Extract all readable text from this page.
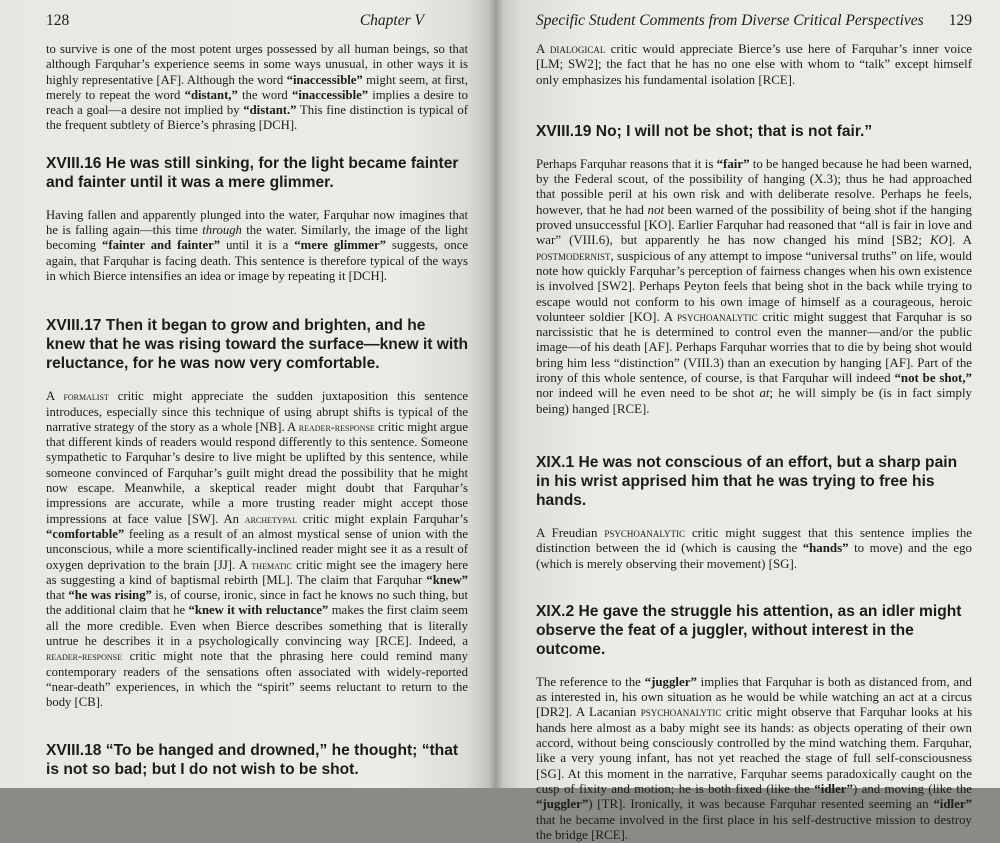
128	Chapter V

to survive is one of the most potent urges possessed by all human beings, so that although Farquhar’s experience seems in some ways unusual, in other ways it is highly representative [AF]. Although the word “inaccessible” might seem, at first, merely to repeat the word “distant,” the word “inaccessible” implies a desire to reach a goal—a desire not implied by “distant.” This fine distinction is typical of the frequent subtlety of Bierce’s phrasing [DCH].

XVIII.16 He was still sinking, for the light became fainter and fainter until it was a mere glimmer.

Having fallen and apparently plunged into the water, Farquhar now imagines that he is falling again—this time through the water. Similarly, the image of the light becoming “fainter and fainter” until it is a “mere glimmer” suggests, once again, that Farquhar is facing death. This sentence is therefore typical of the ways in which Bierce intensifies an idea or image by repeating it [DCH].

XVIII.17 Then it began to grow and brighten, and he knew that he was rising toward the surface—knew it with reluctance, for he was now very comfortable.

A formalist critic might appreciate the sudden juxtaposition this sentence introduces, especially since this technique of using abrupt shifts is typical of the narrative strategy of the story as a whole [NB]. A reader-response critic might argue that different kinds of readers would respond differently to this sentence. Someone sympathetic to Farquhar’s desire to live might be uplifted by this sentence, while someone convinced of Farquhar’s guilt might dread the possibility that he might now escape. Meanwhile, a skeptical reader might doubt that Farquhar’s impressions are accurate, while a more trusting reader might accept those impressions at face value [SW]. An archetypal critic might explain Farquhar’s “comfortable” feeling as a result of an almost mystical sense of union with the unconscious, while a more scientifically-inclined reader might see it as a result of oxygen deprivation to the brain [JJ]. A thematic critic might see the imagery here as suggesting a kind of baptismal rebirth [ML]. The claim that Farquhar “knew” that “he was rising” is, of course, ironic, since in fact he knows no such thing, but the additional claim that he “knew it with reluctance” makes the first claim seem all the more credible. Even when Bierce describes something that is literally untrue he describes it in a psychologically convincing way [RCE]. Indeed, a reader-response critic might note that the phrasing here could remind many contemporary readers of the sensations often associated with widely-reported “near-death” experiences, in which the “spirit” seems reluctant to return to the body [CB].

XVIII.18 “To be hanged and drowned,” he thought; “that is not so bad; but I do not wish to be shot.
Specific Student Comments from Diverse Critical Perspectives 129

A dialogical critic would appreciate Bierce’s use here of Farquhar’s inner voice [LM; SW2]; the fact that he has no one else with whom to “talk” except himself only emphasizes his fundamental isolation [RCE].

XVIII.19 No; I will not be shot; that is not fair.”

Perhaps Farquhar reasons that it is “fair” to be hanged because he had been warned, by the Federal scout, of the possibility of hanging (X.3); thus he had approached that possible peril at his own risk and with deliberate resolve. Perhaps he feels, however, that he had not been warned of the possibility of being shot if the hanging proved unsuccessful [KO]. Earlier Farquhar had reasoned that “all is fair in love and war” (VIII.6), but apparently he has now changed his mind [SB2; KO]. A postmodernist, suspicious of any attempt to impose “universal truths” on life, would note how quickly Farquhar’s perception of fairness changes when his own existence is involved [SW2]. Perhaps Peyton feels that being shot in the back while trying to escape would not conform to his own image of himself as a courageous, heroic volunteer soldier [KO]. A psychoanalytic critic might suggest that Farquhar is so narcissistic that he is determined to control even the manner—and/or the public image—of his death [AF]. Perhaps Farquhar worries that to die by being shot would bring him less “distinction” (VIII.3) than an execution by hanging [AF]. Part of the irony of this whole sentence, of course, is that Farquhar will indeed “not be shot,” nor indeed will he even need to be shot at; he will simply be (is in fact simply being) hanged [RCE].

XIX.1 He was not conscious of an effort, but a sharp pain in his wrist apprised him that he was trying to free his hands.

A Freudian psychoanalytic critic might suggest that this sentence implies the distinction between the id (which is causing the “hands” to move) and the ego (which is merely observing their movement) [SG].

XIX.2 He gave the struggle his attention, as an idler might observe the feat of a juggler, without interest in the outcome.

The reference to the “juggler” implies that Farquhar is both as distanced from, and as interested in, his own situation as he would be while watching an act at a circus [DR2]. A Lacanian psychoanalytic critic might observe that Farquhar looks at his hands here almost as a baby might see its hands: as objects operating of their own accord, without being consciously controlled by the mind watching them. Farquhar, like a very young infant, has not yet reached the stage of full self-consciousness [SG]. At this moment in the narrative, Farquhar seems paradoxically caught on the cusp of fixity and motion; he is both fixed (like the “idler”) and moving (like the “juggler”) [TR]. Ironically, it was because Farquhar resented seeming an “idler” that he became involved in the first place in his self-destructive mission to destroy the bridge [RCE].
